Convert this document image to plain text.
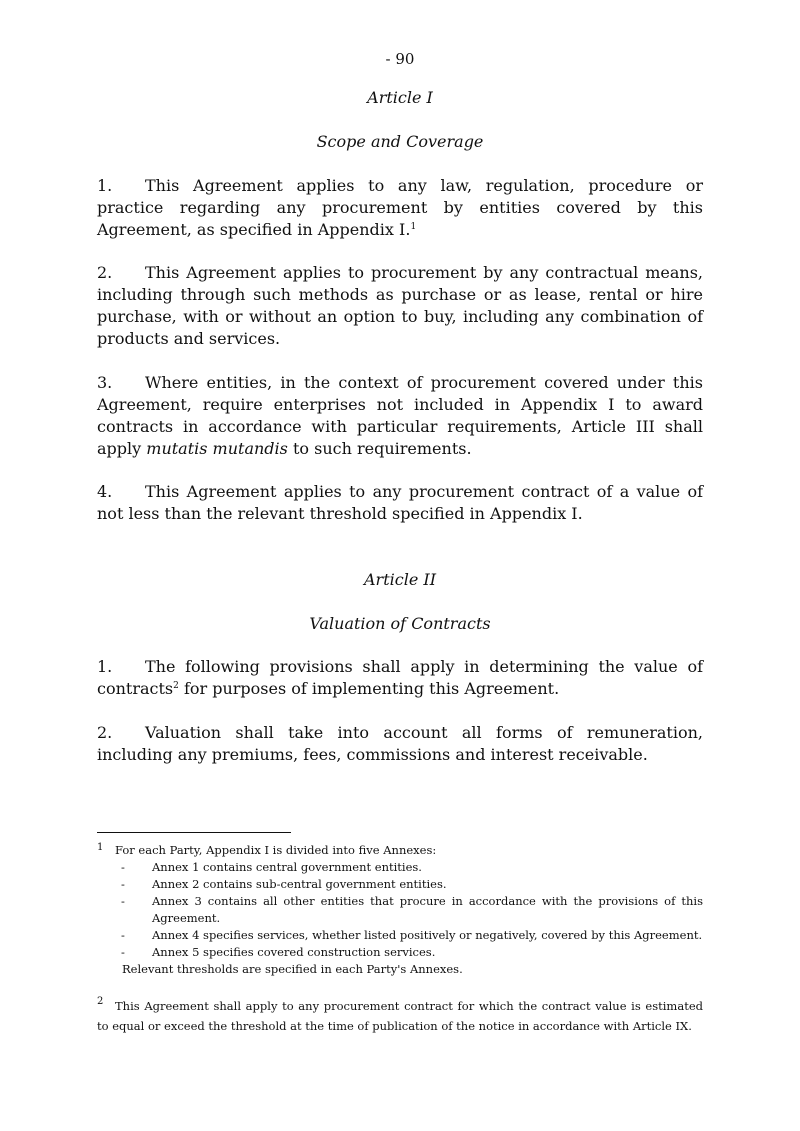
- 90
Article I
Scope and Coverage
1. This Agreement applies to any law, regulation, procedure or practice regarding any procurement by entities covered by this Agreement, as specified in Appendix I.$^1$
2. This Agreement applies to procurement by any contractual means, including through such methods as purchase or as lease, rental or hire purchase, with or without an option to buy, including any combination of products and services.
3. Where entities, in the context of procurement covered under this Agreement, require enterprises not included in Appendix I to award contracts in accordance with particular requirements, Article III shall apply mutatis mutandis to such requirements.
4. This Agreement applies to any procurement contract of a value of not less than the relevant threshold specified in Appendix I.
Article II
Valuation of Contracts
1. The following provisions shall apply in determining the value of contracts$^2$ for purposes of implementing this Agreement.
2. Valuation shall take into account all forms of remuneration, including any premiums, fees, commissions and interest receivable.
1 For each Party, Appendix I is divided into five Annexes:
- Annex 1 contains central government entities.
- Annex 2 contains sub-central government entities.
- Annex 3 contains all other entities that procure in accordance with the provisions of this Agreement.
- Annex 4 specifies services, whether listed positively or negatively, covered by this Agreement.
- Annex 5 specifies covered construction services.
Relevant thresholds are specified in each Party's Annexes.
2 This Agreement shall apply to any procurement contract for which the contract value is estimated to equal or exceed the threshold at the time of publication of the notice in accordance with Article IX.
